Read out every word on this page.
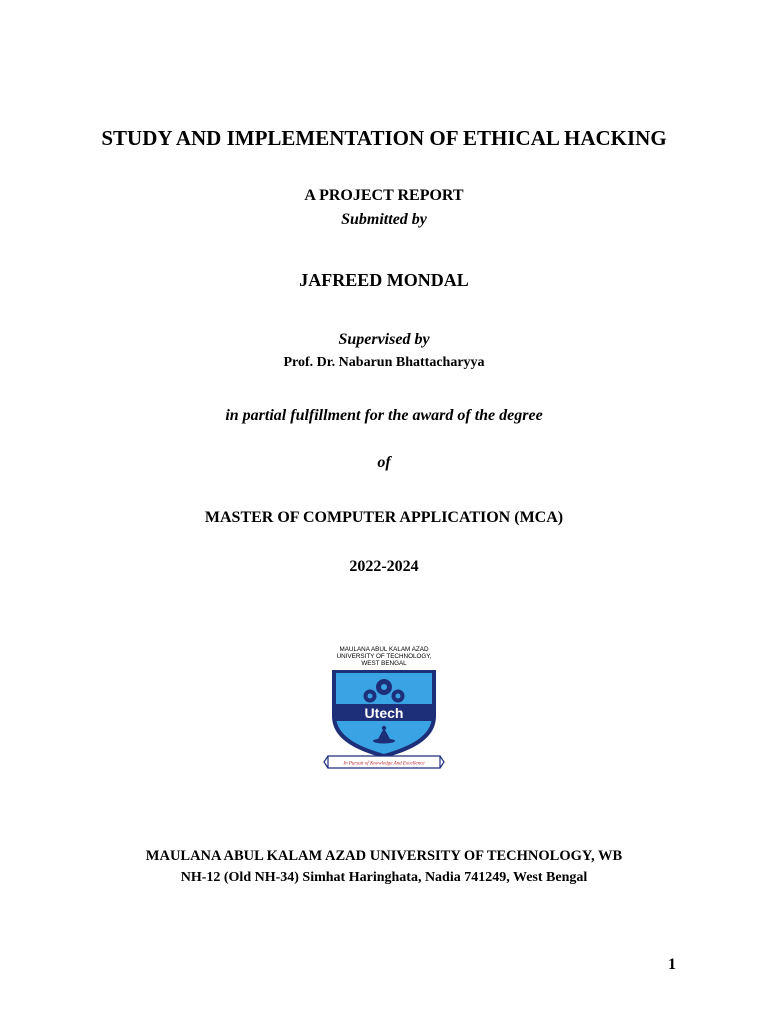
STUDY AND IMPLEMENTATION OF ETHICAL HACKING
A PROJECT REPORT
Submitted by
JAFREED MONDAL
Supervised by
Prof. Dr. Nabarun Bhattacharyya
in partial fulfillment for the award of the degree
of
MASTER OF COMPUTER APPLICATION (MCA)
2022-2024
MAULANA ABUL KALAM AZAD
UNIVERSITY OF TECHNOLOGY,
WEST BENGAL
Utech
In Pursuit of Knowledge And Excellence
MAULANA ABUL KALAM AZAD UNIVERSITY OF TECHNOLOGY, WB
NH-12 (Old NH-34) Simhat Haringhata, Nadia 741249, West Bengal
1
